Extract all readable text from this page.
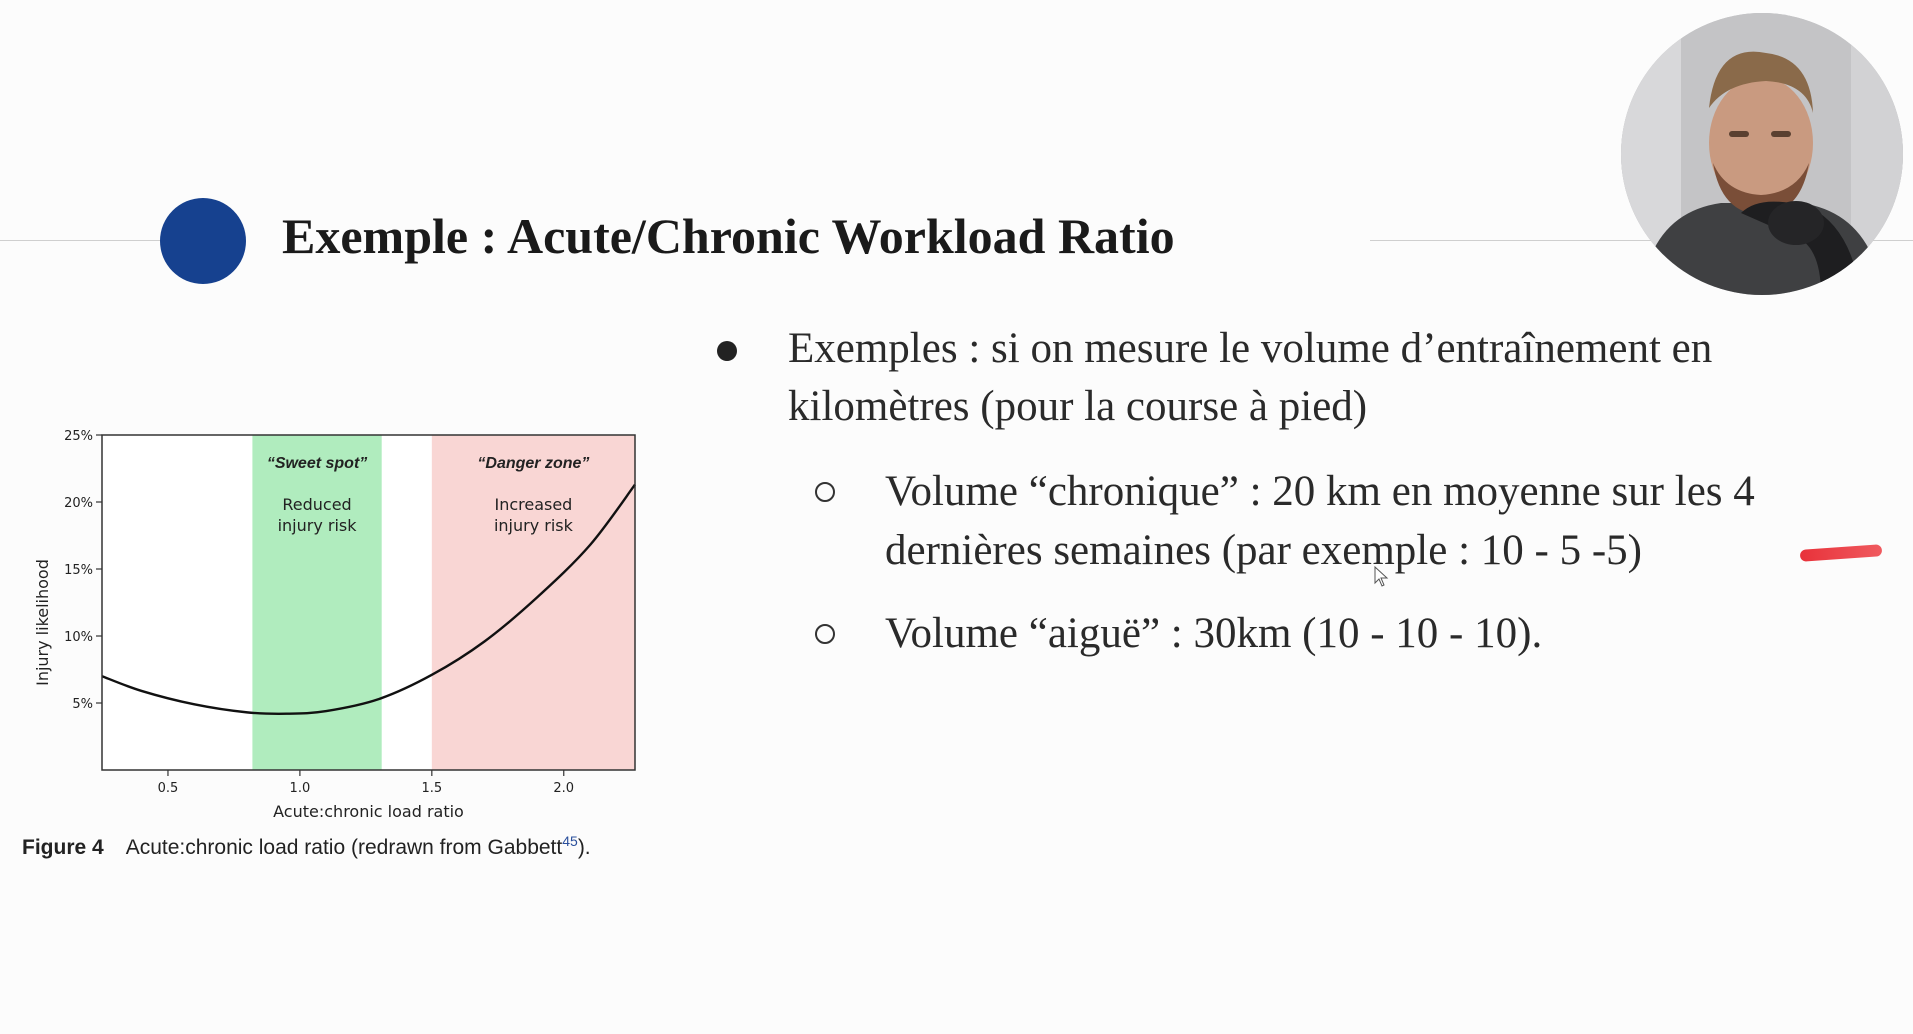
Exemple : Acute/Chronic Workload Ratio
Exemples : si on mesure le volume d’entraînement en kilomètres (pour la course à pied)
Volume “chronique” : 20 km en moyenne sur les 4 dernières semaines (par exemple : 10 - 5 -5)
Volume “aiguë” : 30km (10 - 10 - 10).
“Sweet spot”
Reduced
injury risk
“Danger zone”
Increased
injury risk
5%
10%
15%
20%
25%
0.5	1.0	1.5	2.0
Acute:chronic load ratio
Injury likelihood
Figure 4 Acute:chronic load ratio (redrawn from Gabbett$^{45}$).
